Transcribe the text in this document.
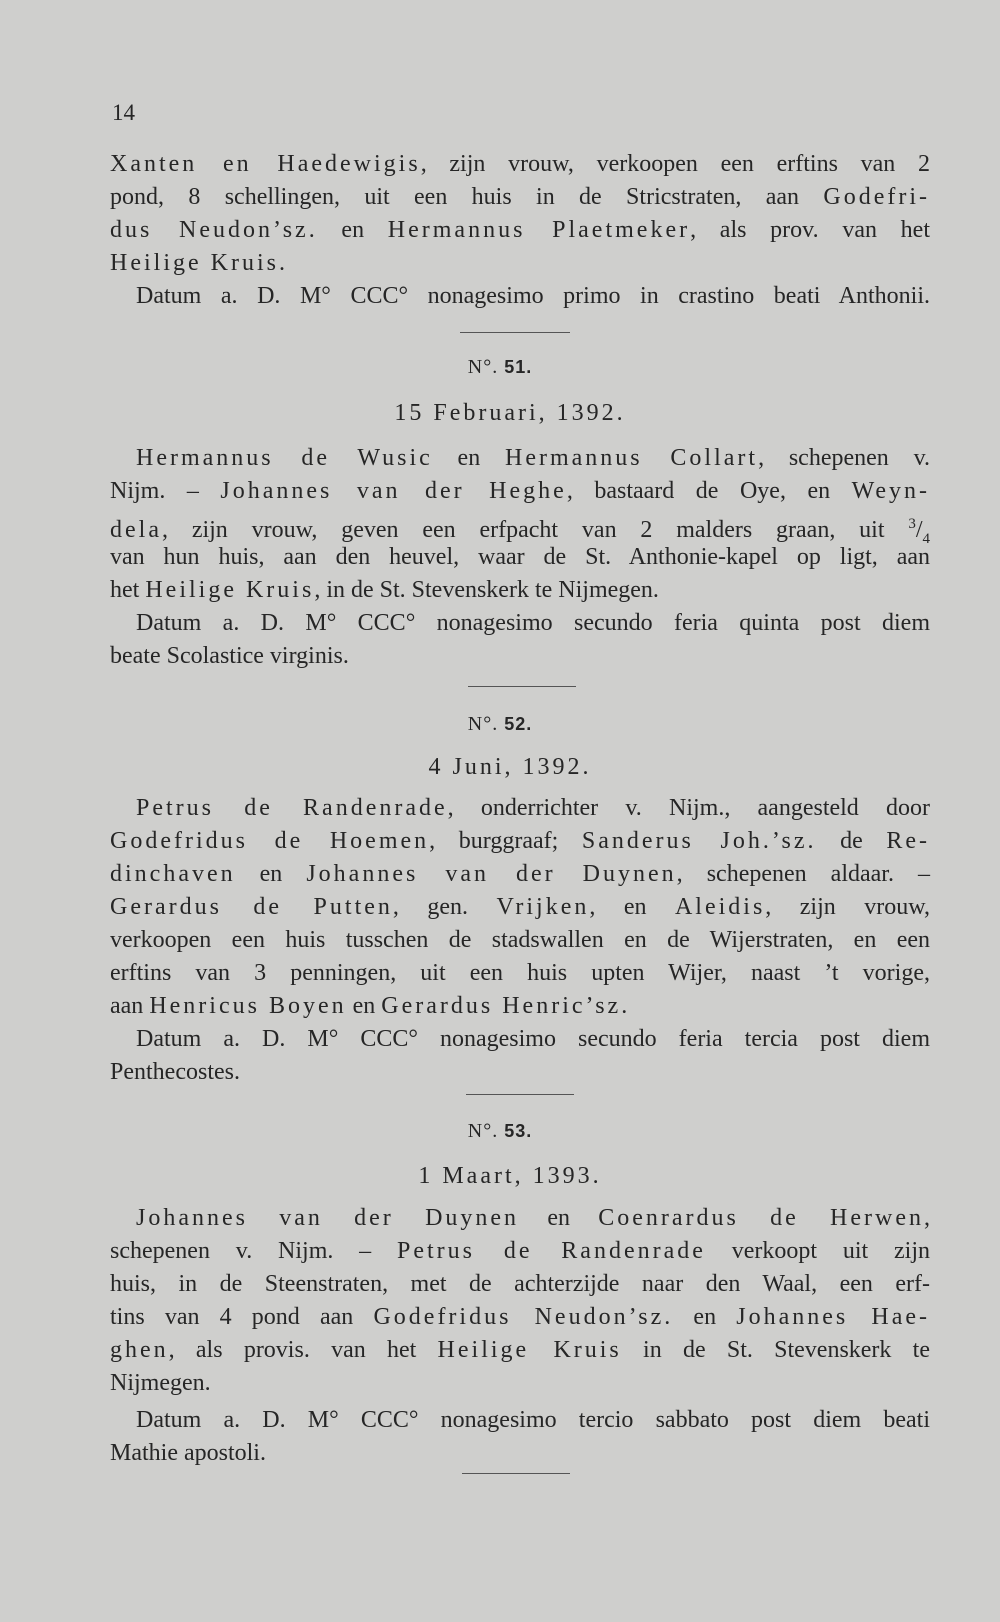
14
Xanten en Haedewigis, zijn vrouw, verkoopen een erftins van 2
pond, 8 schellingen, uit een huis in de Stricstraten, aan Godefri-
dus Neudon’sz. en Hermannus Plaetmeker, als prov. van het
Heilige Kruis.
Datum a. D. M° CCC° nonagesimo primo in crastino beati Anthonii.
N°. 51.
15 Februari, 1392.
Hermannus de Wusic en Hermannus Collart, schepenen v.
Nijm. – Johannes van der Heghe, bastaard de Oye, en Weyn-
dela, zijn vrouw, geven een erfpacht van 2 malders graan, uit $^3/_4$
van hun huis, aan den heuvel, waar de St. Anthonie-kapel op ligt, aan
het Heilige Kruis, in de St. Stevenskerk te Nijmegen.
Datum a. D. M° CCC° nonagesimo secundo feria quinta post diem
beate Scolastice virginis.
N°. 52.
4 Juni, 1392.
Petrus de Randenrade, onderrichter v. Nijm., aangesteld door
Godefridus de Hoemen, burggraaf; Sanderus Joh.’sz. de Re-
dinchaven en Johannes van der Duynen, schepenen aldaar. –
Gerardus de Putten, gen. Vrijken, en Aleidis, zijn vrouw,
verkoopen een huis tusschen de stadswallen en de Wijerstraten, en een
erftins van 3 penningen, uit een huis upten Wijer, naast ’t vorige,
aan Henricus Boyen en Gerardus Henric’sz.
Datum a. D. M° CCC° nonagesimo secundo feria tercia post diem
Penthecostes.
N°. 53.
1 Maart, 1393.
Johannes van der Duynen en Coenrardus de Herwen,
schepenen v. Nijm. – Petrus de Randenrade verkoopt uit zijn
huis, in de Steenstraten, met de achterzijde naar den Waal, een erf-
tins van 4 pond aan Godefridus Neudon’sz. en Johannes Hae-
ghen, als provis. van het Heilige Kruis in de St. Stevenskerk te
Nijmegen.
Datum a. D. M° CCC° nonagesimo tercio sabbato post diem beati
Mathie apostoli.
